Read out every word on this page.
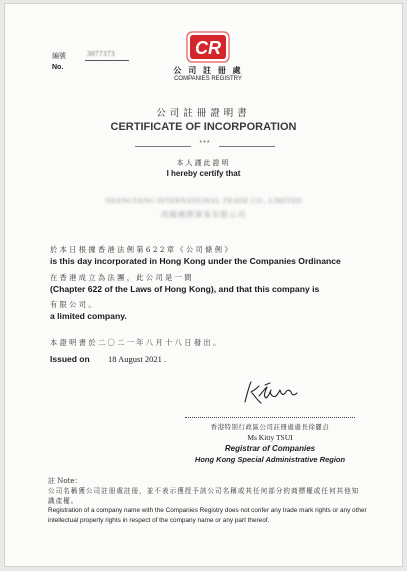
編號	3077373
No.
CR
公 司 註 冊 處
COMPANIES REGISTRY
公司註冊證明書
CERTIFICATE OF INCORPORATION
***
本人謹此證明
I hereby certify that
SHANGYANG INTERNATIONAL TRADE CO., LIMITED
尚陽國際貿易有限公司
於本日根據香港法例第622章《公司條例》
is this day incorporated in Hong Kong under the Companies Ordinance
在香港成立為法團，此公司是一間
(Chapter 622 of the Laws of Hong Kong), and that this company is
有限公司。
a limited company.
本證明書於二〇二一年八月十八日發出。
Issued on 18 August 2021 .
香港特別行政區公司註冊處處長徐麗貞
Ms Kitty TSUI
Registrar of Companies
Hong Kong Special Administrative Region
註 Note：
公司名稱獲公司註冊處註冊，並不表示獲授予該公司名稱或其任何部分的商標權或任何其他知識產權。
Registration of a company name with the Companies Registry does not confer any trade mark rights or any other intellectual property rights in respect of the company name or any part thereof.
